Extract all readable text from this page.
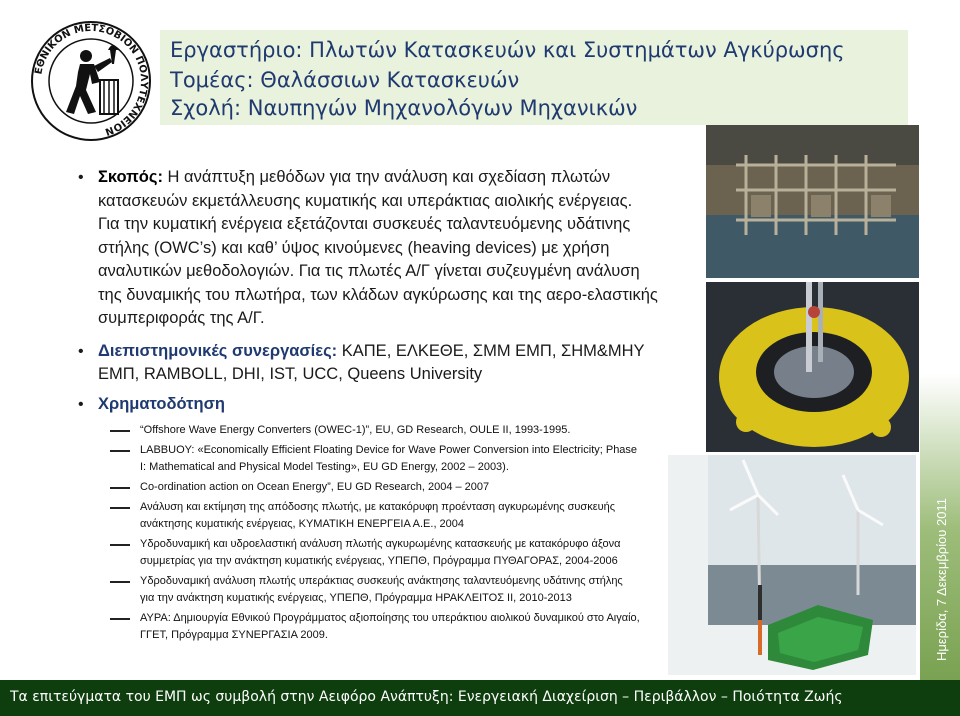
ΕΘΝΙΚΟΝ ΜΕΤΣΟΒΙΟΝ ΠΟΛΥΤΕΧΝΕΙΟΝ
Εργαστήριο: Πλωτών Κατασκευών και Συστημάτων Αγκύρωσης
Τομέας: Θαλάσσιων Κατασκευών
Σχολή: Ναυπηγών Μηχανολόγων Μηχανικών
• Σκοπός: Η ανάπτυξη μεθόδων για την ανάλυση και σχεδίαση πλωτών κατασκευών εκμετάλλευσης κυματικής και υπεράκτιας αιολικής ενέργειας. Για την κυματική ενέργεια εξετάζονται συσκευές ταλαντευόμενης υδάτινης στήλης (OWC’s) και καθ’ ύψος κινούμενες (heaving devices) με χρήση αναλυτικών μεθοδολογιών. Για τις πλωτές Α/Γ γίνεται συζευγμένη ανάλυση της δυναμικής του πλωτήρα, των κλάδων αγκύρωσης και της αερο-ελαστικής συμπεριφοράς της Α/Γ.
• Διεπιστημονικές συνεργασίες: ΚΑΠΕ, ΕΛΚΕΘΕ, ΣΜΜ ΕΜΠ, ΣΗΜ&ΜΗΥ ΕΜΠ, RAMBOLL, DHI, IST, UCC, Queens University
• Χρηματοδότηση
“Offshore Wave Energy Converters (OWEC-1)”, EU, GD Research, OULE II, 1993-1995.
LABBUOY: «Economically Efficient Floating Device for Wave Power Conversion into Electricity; Phase I: Mathematical and Physical Model Testing», EU GD Energy, 2002 – 2003).
Co-ordination action on Ocean Energy”, EU GD Research, 2004 – 2007
Ανάλυση και εκτίμηση της απόδοσης πλωτής, με κατακόρυφη προένταση αγκυρωμένης συσκευής ανάκτησης κυματικής ενέργειας, ΚΥΜΑΤΙΚΗ ΕΝΕΡΓΕΙΑ Α.Ε., 2004
Υδροδυναμική και υδροελαστική ανάλυση πλωτής αγκυρωμένης κατασκευής με κατακόρυφο άξονα συμμετρίας για την ανάκτηση κυματικής ενέργειας, ΥΠΕΠΘ, Πρόγραμμα ΠΥΘΑΓΟΡΑΣ, 2004-2006
Υδροδυναμική ανάλυση πλωτής υπεράκτιας συσκευής ανάκτησης ταλαντευόμενης υδάτινης στήλης για την ανάκτηση κυματικής ενέργειας, ΥΠΕΠΘ, Πρόγραμμα ΗΡΑΚΛΕΙΤΟΣ ΙΙ, 2010-2013
ΑΥΡΑ: Δημιουργία Εθνικού Προγράμματος αξιοποίησης του υπεράκτιου αιολικού δυναμικού στο Αιγαίο, ΓΓΕΤ, Πρόγραμμα ΣΥΝΕΡΓΑΣΙΑ 2009.	Ημερίδα, 7 Δεκεμβρίου 2011
Τα επιτεύγματα του ΕΜΠ ως συμβολή στην Αειφόρο Ανάπτυξη: Ενεργειακή Διαχείριση – Περιβάλλον – Ποιότητα Ζωής
